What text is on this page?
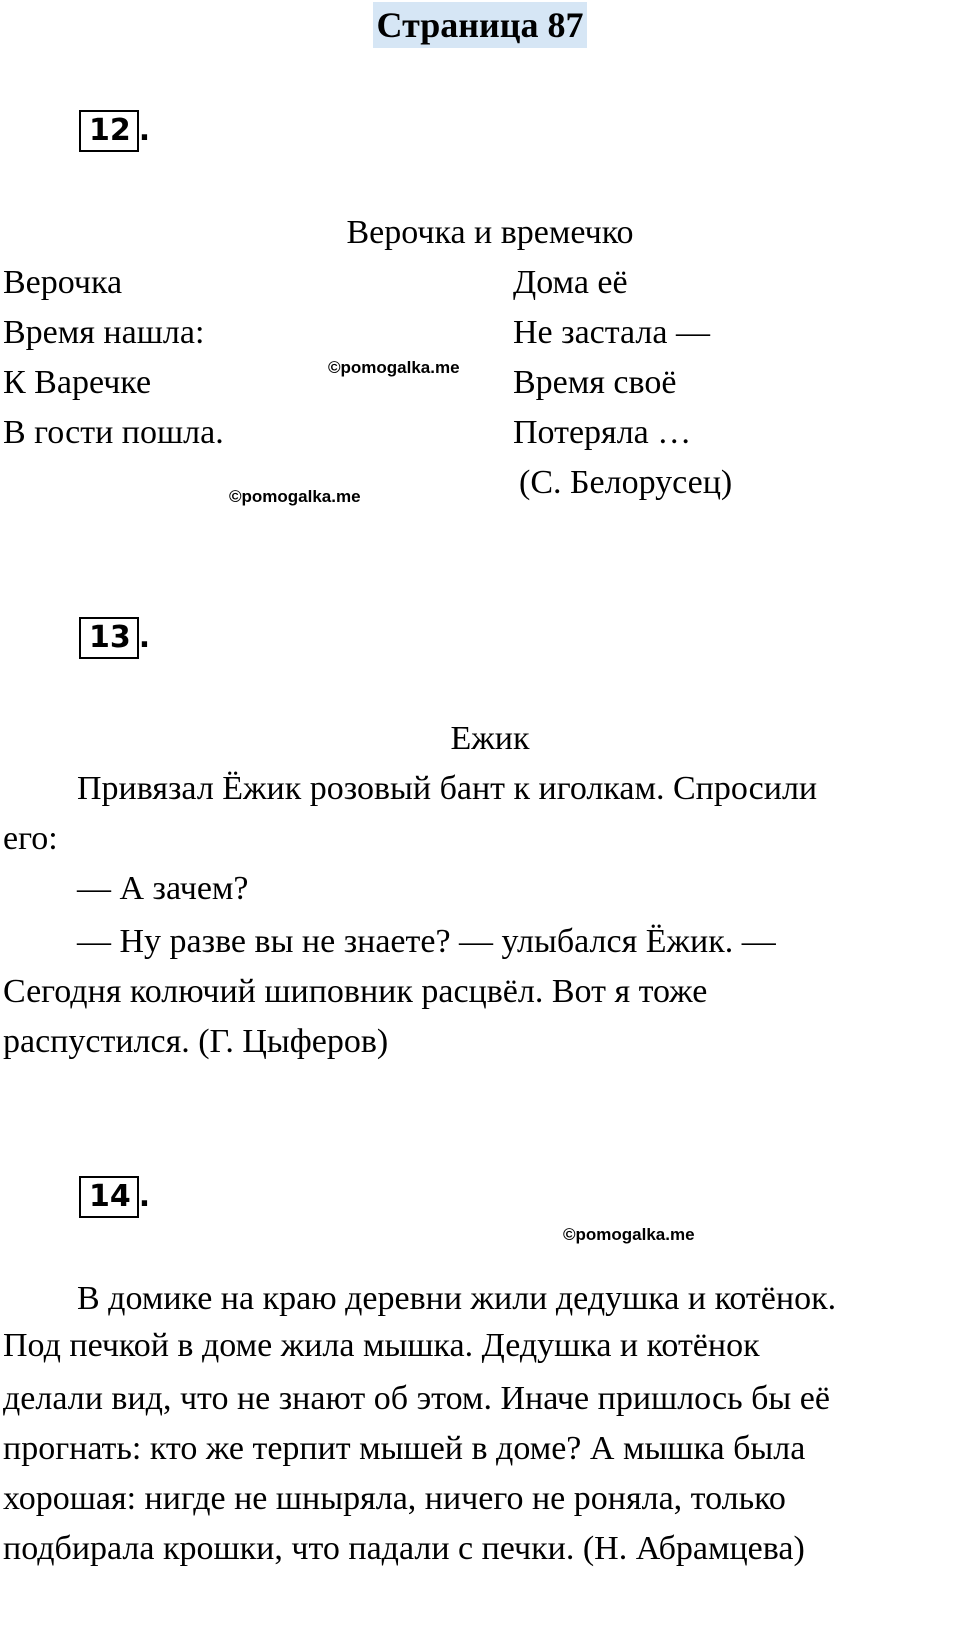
Страница 87
12 .
Верочка и времечко
Верочка
Время нашла:
К Варечке
В гости пошла.
Дома её
Не застала —
Время своё
Потеряла …
(С. Белорусец)
©pomogalka.me
©pomogalka.me
13 .
Ежик
Привязал Ёжик розовый бант к иголкам. Спросили
его:
— А зачем?
— Ну разве вы не знаете? — улыбался Ёжик. —
Сегодня колючий шиповник расцвёл. Вот я тоже
распустился. (Г. Цыферов)
14 .
©pomogalka.me
В домике на краю деревни жили дедушка и котёнок.
Под печкой в доме жила мышка. Дедушка и котёнок
делали вид, что не знают об этом. Иначе пришлось бы её
прогнать: кто же терпит мышей в доме? А мышка была
хорошая: нигде не шныряла, ничего не роняла, только
подбирала крошки, что падали с печки. (Н. Абрамцева)
